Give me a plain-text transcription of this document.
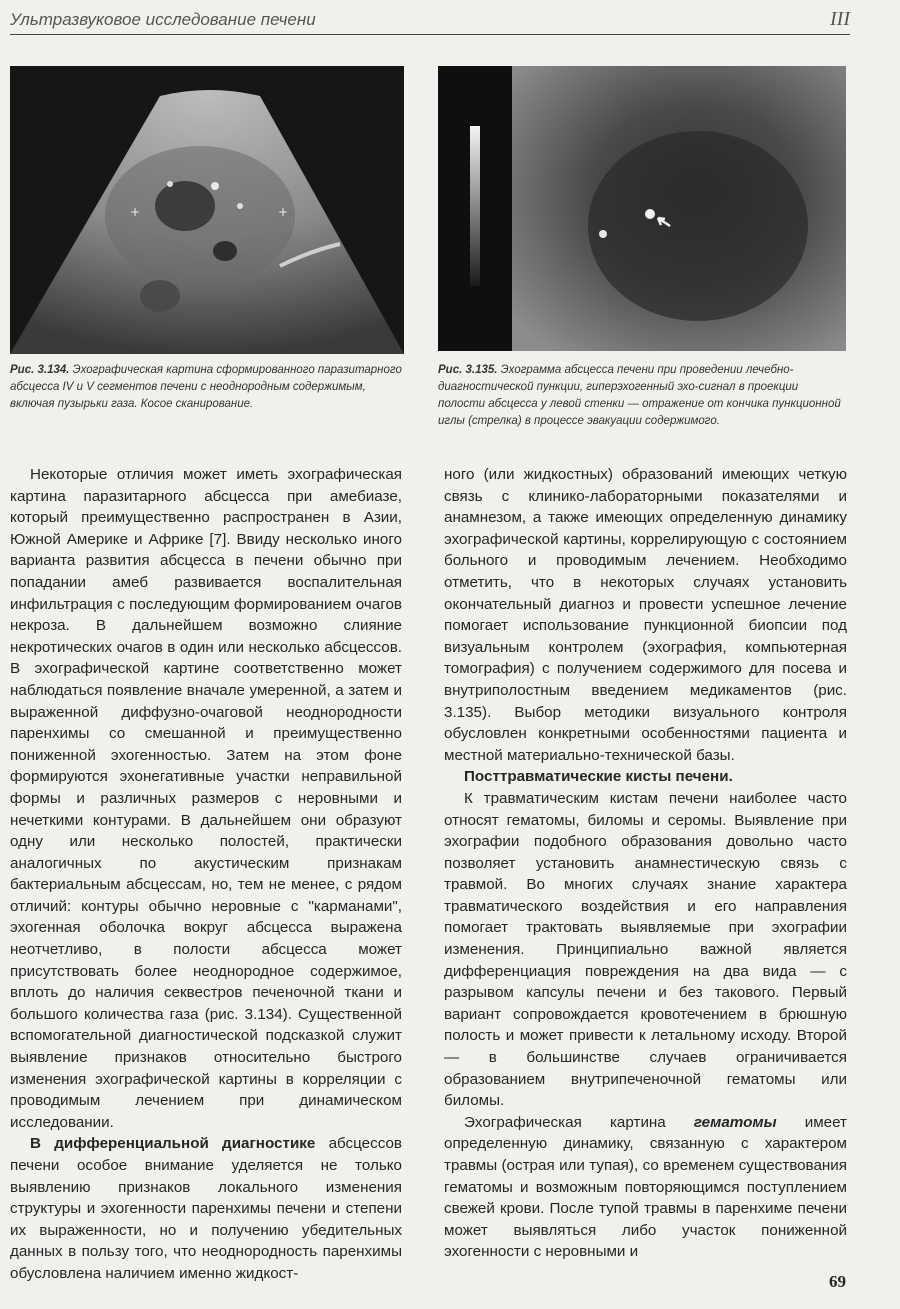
Ультразвуковое исследование печени	III
+	+
Рис. 3.134. Эхографическая картина сформированного паразитарного абсцесса IV и V сегментов печени с неоднородным содержимым, включая пузырьки газа. Косое сканирование.
Рис. 3.135. Эхограмма абсцесса печени при проведении лечебно-диагностической пункции, гиперэхогенный эхо-сигнал в проекции полости абсцесса у левой стенки — отражение от кончика пункционной иглы (стрелка) в процессе эвакуации содержимого.

Некоторые отличия может иметь эхографическая картина паразитарного абсцесса при амебиазе, который преимущественно распространен в Азии, Южной Америке и Африке [7]. Ввиду несколько иного варианта развития абсцесса в печени обычно при попадании амеб развивается воспалительная инфильтрация с последующим формированием очагов некроза. В дальнейшем возможно слияние некротических очагов в один или несколько абсцессов. В эхографической картине соответственно может наблюдаться появление вначале умеренной, а затем и выраженной диффузно-очаговой неоднородности паренхимы со смешанной и преимущественно пониженной эхогенностью. Затем на этом фоне формируются эхонегативные участки неправильной формы и различных размеров с неровными и нечеткими контурами. В дальнейшем они образуют одну или несколько полостей, практически аналогичных по акустическим признакам бактериальным абсцессам, но, тем не менее, с рядом отличий: контуры обычно неровные с "карманами", эхогенная оболочка вокруг абсцесса выражена неотчетливо, в полости абсцесса может присутствовать более неоднородное содержимое, вплоть до наличия секвестров печеночной ткани и большого количества газа (рис. 3.134). Существенной вспомогательной диагностической подсказкой служит выявление признаков относительно быстрого изменения эхографической картины в корреляции с проводимым лечением при динамическом исследовании.

В дифференциальной диагностике абсцессов печени особое внимание уделяется не только выявлению признаков локального изменения структуры и эхогенности паренхимы печени и степени их выраженности, но и получению убедительных данных в пользу того, что неоднородность паренхимы обусловлена наличием именно жидкост-

ного (или жидкостных) образований имеющих четкую связь с клинико-лабораторными показателями и анамнезом, а также имеющих определенную динамику эхографической картины, коррелирующую с состоянием больного и проводимым лечением. Необходимо отметить, что в некоторых случаях установить окончательный диагноз и провести успешное лечение помогает использование пункционной биопсии под визуальным контролем (эхография, компьютерная томография) с получением содержимого для посева и внутриполостным введением медикаментов (рис. 3.135). Выбор методики визуального контроля обусловлен конкретными особенностями пациента и местной материально-технической базы.

Посттравматические кисты печени.

К травматическим кистам печени наиболее часто относят гематомы, биломы и серомы. Выявление при эхографии подобного образования довольно часто позволяет установить анамнестическую связь с травмой. Во многих случаях знание характера травматического воздействия и его направления помогает трактовать выявляемые при эхографии изменения. Принципиально важной является дифференциация повреждения на два вида — с разрывом капсулы печени и без такового. Первый вариант сопровождается кровотечением в брюшную полость и может привести к летальному исходу. Второй — в большинстве случаев ограничивается образованием внутрипеченочной гематомы или биломы.

Эхографическая картина гематомы имеет определенную динамику, связанную с характером травмы (острая или тупая), со временем существования гематомы и возможным повторяющимся поступлением свежей крови. После тупой травмы в паренхиме печени может выявляться либо участок пониженной эхогенности с неровными и

69
